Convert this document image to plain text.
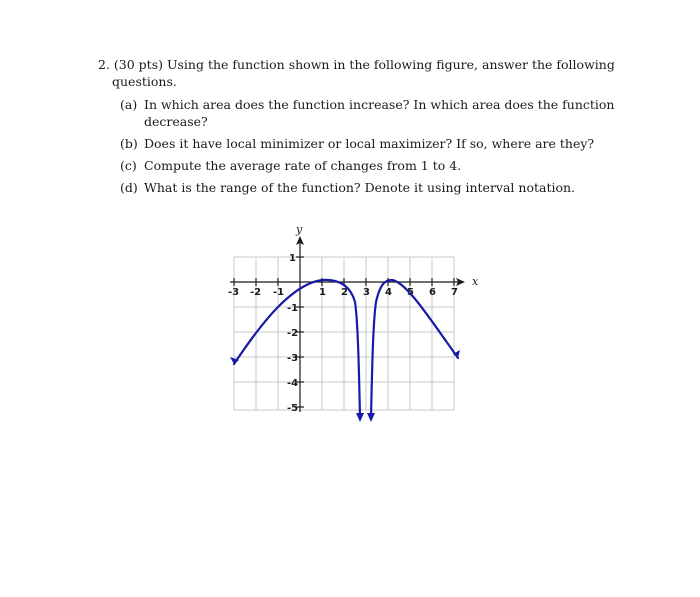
2. (30 pts) Using the function shown in the following figure, answer the following questions.

(a) In which area does the function increase? In which area does the function decrease?
(b) Does it have local minimizer or local maximizer? If so, where are they?
(c) Compute the average rate of changes from 1 to 4.
(d) What is the range of the function? Denote it using interval notation.
-3 -2 -1	1 2 3 4 5 6 7
1
-1
-2
-3
-4
-5
y
x
